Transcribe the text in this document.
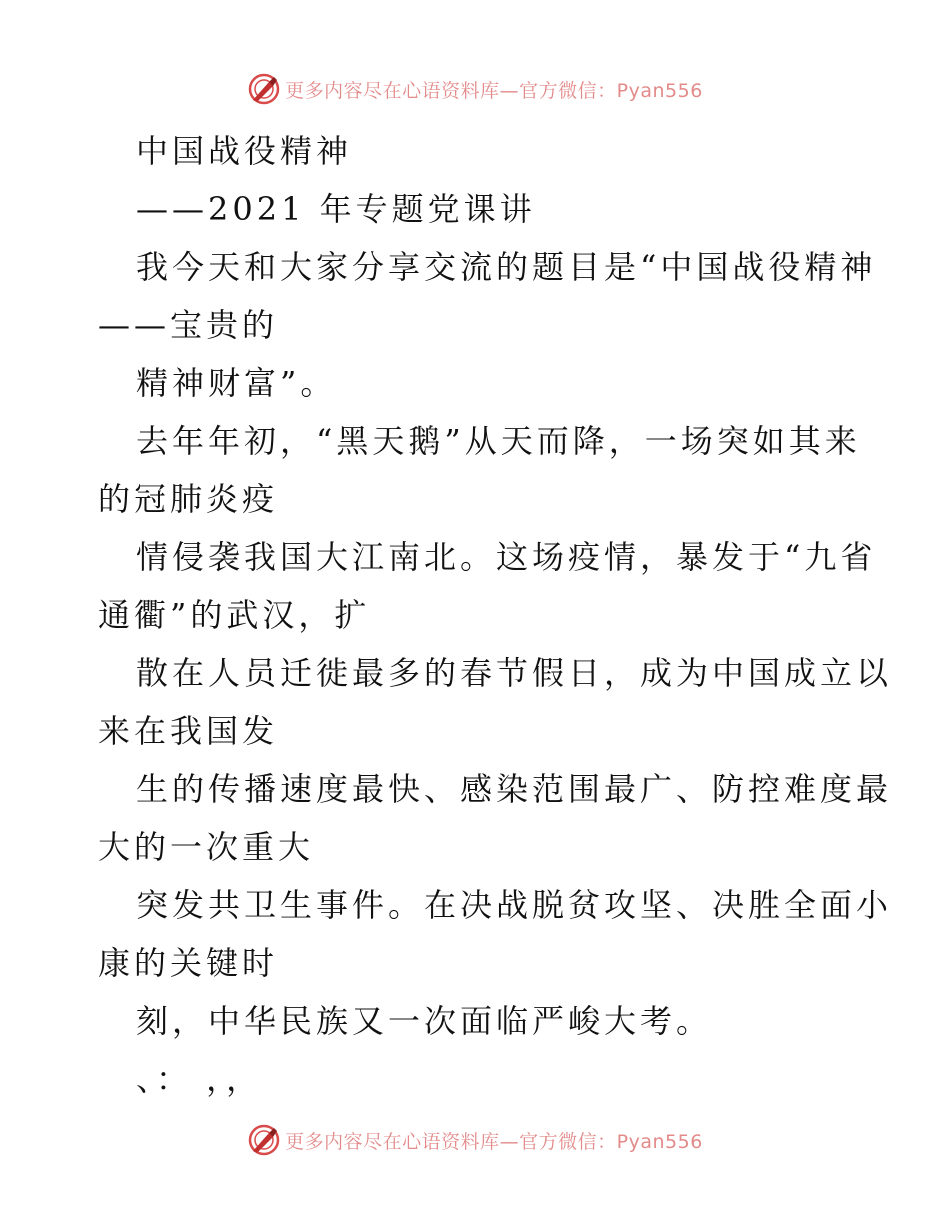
更多内容尽在心语资料库—官方微信：Pyan556
中国战役精神
——2021 年专题党课讲
我今天和大家分享交流的题目是“中国战役精神
——宝贵的
精神财富”。
去年年初，“黑天鹅”从天而降，一场突如其来
的冠肺炎疫
情侵袭我国大江南北。这场疫情，暴发于“九省
通衢”的武汉，扩
散在人员迁徙最多的春节假日，成为中国成立以
来在我国发
生的传播速度最快、感染范围最广、防控难度最
大的一次重大
突发共卫生事件。在决战脱贫攻坚、决胜全面小
康的关键时
刻，中华民族又一次面临严峻大考。
、： ，，
更多内容尽在心语资料库—官方微信：Pyan556
